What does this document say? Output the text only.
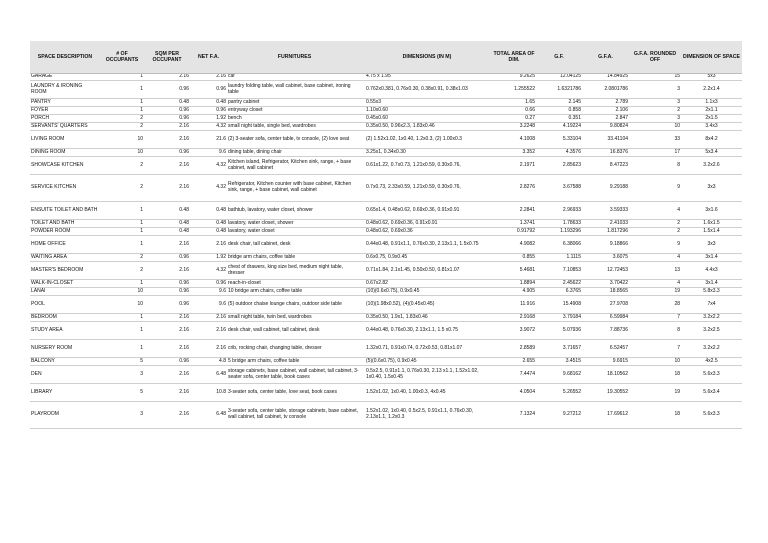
SPACE DESCRIPTION	# OF OCCUPANTS	SQM PER OCCUPANT	NET F.A.	FURNITURES	DIMENSIONS (IN M)	TOTAL AREA OF DIM.	G.F.	G.F.A.	G.F.A. ROUNDED OFF	DIMENSION OF SPACE
GARAGE	1	2.16	2.16	car	4.75 x 1.95	9.2625	12.04125	14.84925	15	5x3
LAUNDRY & IRONING ROOM	1	0.96	0.96	laundry folding table, wall cabinet, base cabinet, ironing table	0.762x0.381, 0.76x0.30, 0.38x0.91, 0.38x1.03	1.255522	1.6321786	2.0801786	3	2.2x1.4
PANTRY	1	0.48	0.48	pantry cabinet	0.55x3	1.65	2.145	2.789	3	1.1x3
FOYER	1	0.96	0.96	entryway closet	1.10x0.60	0.66	0.858	2.106	2	2x1.1
PORCH	2	0.96	1.92	bench	0.45x0.60	0.27	0.351	2.847	3	2x1.5
SERVANTS' QUARTERS	2	2.16	4.32	small night table, single bed, wardrobes	0.35x0.50, 0.96x2.3, 1.83x0.46	3.2248	4.19224	9.80824	10	3.4x3
LIVING ROOM	10	2.16	21.6	(2) 3-seater sofa, center table, tv console, (2) love seat	(2) 1.52x1.02, 1x0.40, 1.2x0.3, (2) 1.00x0.3	4.1008	5.33104	33.41104	33	8x4.2
DINING ROOM	10	0.96	9.6	dining table, dining chair	3.25x1, 0.34x0.30	3.352	4.3576	16.8376	17	5x3.4
SHOWCASE KITCHEN	2	2.16	4.32	Kitchen island, Refrigerator, Kitchen sink, range, + base cabinet, wall cabinet	0.61x1.22, 0.7x0.73, 1.21x0.59, 0.30x0.76,	2.1971	2.85623	8.47223	8	3.2x2.6
SERVICE KITCHEN	2	2.16	4.32	Refrigerator, Kitchen counter with base cabinet, Kitchen sink, range, + base cabinet, wall cabinet	0.7x0.73, 2.33x0.59, 1.21x0.59, 0.30x0.76,	2.8276	3.67588	9.29188	9	3x3
ENSUITE TOILET AND BATH	1	0.48	0.48	bathtub, lavatory, water closet, shower	0.65x1.4, 0.48x0.62, 0.69x0.36, 0.91x0.91	2.2841	2.96933	3.59333	4	3x1.6
TOILET AND BATH	1	0.48	0.48	lavatory, water closet, shower	0.48x0.62, 0.69x0.36, 0.91x0.91	1.3741	1.78633	2.41033	2	1.6x1.5
POWDER ROOM	1	0.48	0.48	lavatory, water closet	0.48x0.62, 0.69x0.36	0.91792	1.193296	1.817296	2	1.5x1.4
HOME OFFICE	1	2.16	2.16	desk chair, tall cabinet, desk	0.44x0.48, 0.91x1.1, 0.76x0.30, 2.13x1.1, 1.5x0.75	4.9082	6.38066	9.18866	9	3x3
WAITING AREA	2	0.96	1.92	bridge arm chairs, coffee table	0.6x0.75, 0.9x0.45	0.855	1.1115	3.6075	4	3x1.4
MASTER'S BEDROOM	2	2.16	4.32	chest of drawers, king size bed, medium night table, dresser	0.71x1.84, 2.1x1.45, 0.50x0.50, 0.81x1.07	5.4681	7.10853	12.72453	13	4.4x3
WALK-IN-CLOSET	1	0.96	0.96	reach-in-closet	0.67x2.82	1.8894	2.45622	3.70422	4	3x1.4
LANAI	10	0.96	9.6	10 bridge arm chairs, coffee table	(10)(0.6x0.75), 0.9x0.45	4.905	6.3765	18.8565	19	5.8x3.3
POOL	10	0.96	9.6	(5) outdoor chaise lounge chairs, outdoor side table	(10)(1.98x0.52), (4)(0.45x0.45)	11.916	15.4908	27.9708	28	7x4
BEDROOM	1	2.16	2.16	small night table, twin bed, wardrobes	0.35x0.50, 1.9x1, 1.83x0.46	2.9168	3.79184	6.59984	7	3.2x2.2
STUDY AREA	1	2.16	2.16	desk chair, wall cabinet, tall cabinet, desk	0.44x0.48, 0.76x0.30, 2.13x1.1, 1.5 x0.75	3.9072	5.07936	7.88736	8	3.2x2.5
NURSERY ROOM	1	2.16	2.16	crib, rocking chair, changing table, dresser	1.32x0.71, 0.91x0.74, 0.72x0.53, 0.81x1.07	2.8589	3.71657	6.52457	7	3.2x2.2
BALCONY	5	0.96	4.8	5 bridge arm chairs, coffee table	(5)(0.6x0.75), 0.9x0.45	2.655	3.4515	9.6915	10	4x2.5
DEN	3	2.16	6.48	storage cabinets, base cabinet, wall cabinet, tall cabinet, 3-seater sofa, center table, book cases	0.5x2.5, 0.91x1.1, 0.76x0.30, 2.13 x1.1, 1.52x1.02, 1x0.40, 1.5x0.45	7.4474	9.68162	18.10562	18	5.6x3.3
LIBRARY	5	2.16	10.8	3-seater sofa, center table, love seat, book cases	1.52x1.02, 1x0.40, 1.00x0.3, 4x0.45	4.0504	5.26552	19.30552	19	5.6x3.4
PLAYROOM	3	2.16	6.48	3-seater sofa, center table, storage cabinets, base cabinet, wall cabinet, tall cabinet, tv console	1.52x1.02, 1x0.40, 0.5x2.5, 0.91x1.1, 0.76x0.30, 2.13x1.1, 1.2x0.3	7.1324	9.27212	17.69612	18	5.6x3.3
